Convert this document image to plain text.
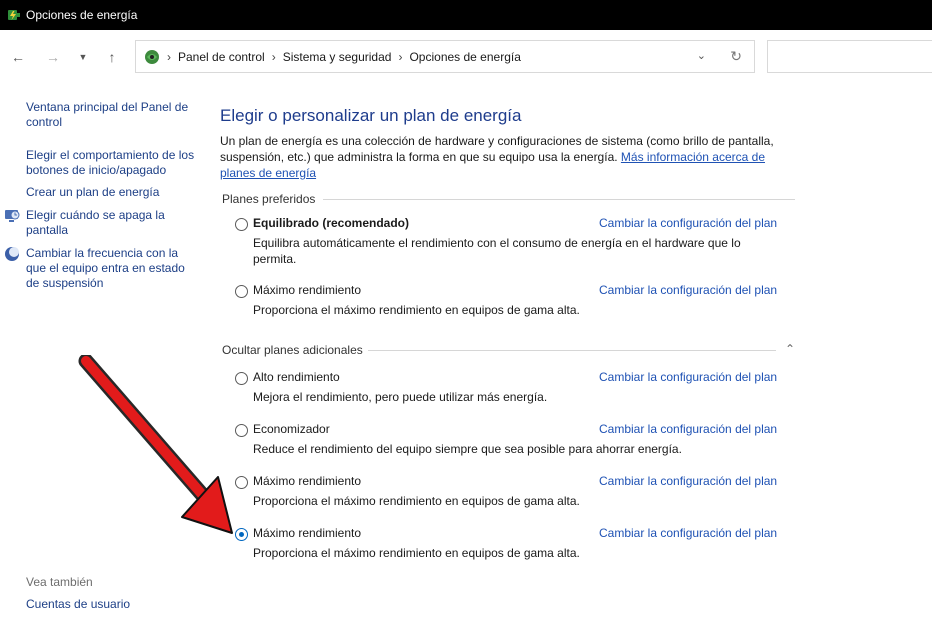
Opciones de energía
← →	▼	↑	› Panel de control › Sistema y seguridad › Opciones de energía	⌄ ↻
Ventana principal del Panel de control
Elegir el comportamiento de los botones de inicio/apagado
Crear un plan de energía
Elegir cuándo se apaga la pantalla
Cambiar la frecuencia con la que el equipo entra en estado de suspensión
Vea también
Cuentas de usuario
Elegir o personalizar un plan de energía
Un plan de energía es una colección de hardware y configuraciones de sistema (como brillo de pantalla, suspensión, etc.) que administra la forma en que su equipo usa la energía. Más información acerca de planes de energía
Planes preferidos
Equilibrado (recomendado)	Cambiar la configuración del plan
Equilibra automáticamente el rendimiento con el consumo de energía en el hardware que lo permita.
Máximo rendimiento	Cambiar la configuración del plan
Proporciona el máximo rendimiento en equipos de gama alta.
Ocultar planes adicionales	⌃
Alto rendimiento	Cambiar la configuración del plan
Mejora el rendimiento, pero puede utilizar más energía.
Economizador	Cambiar la configuración del plan
Reduce el rendimiento del equipo siempre que sea posible para ahorrar energía.
Máximo rendimiento	Cambiar la configuración del plan
Proporciona el máximo rendimiento en equipos de gama alta.
Máximo rendimiento	Cambiar la configuración del plan
Proporciona el máximo rendimiento en equipos de gama alta.
